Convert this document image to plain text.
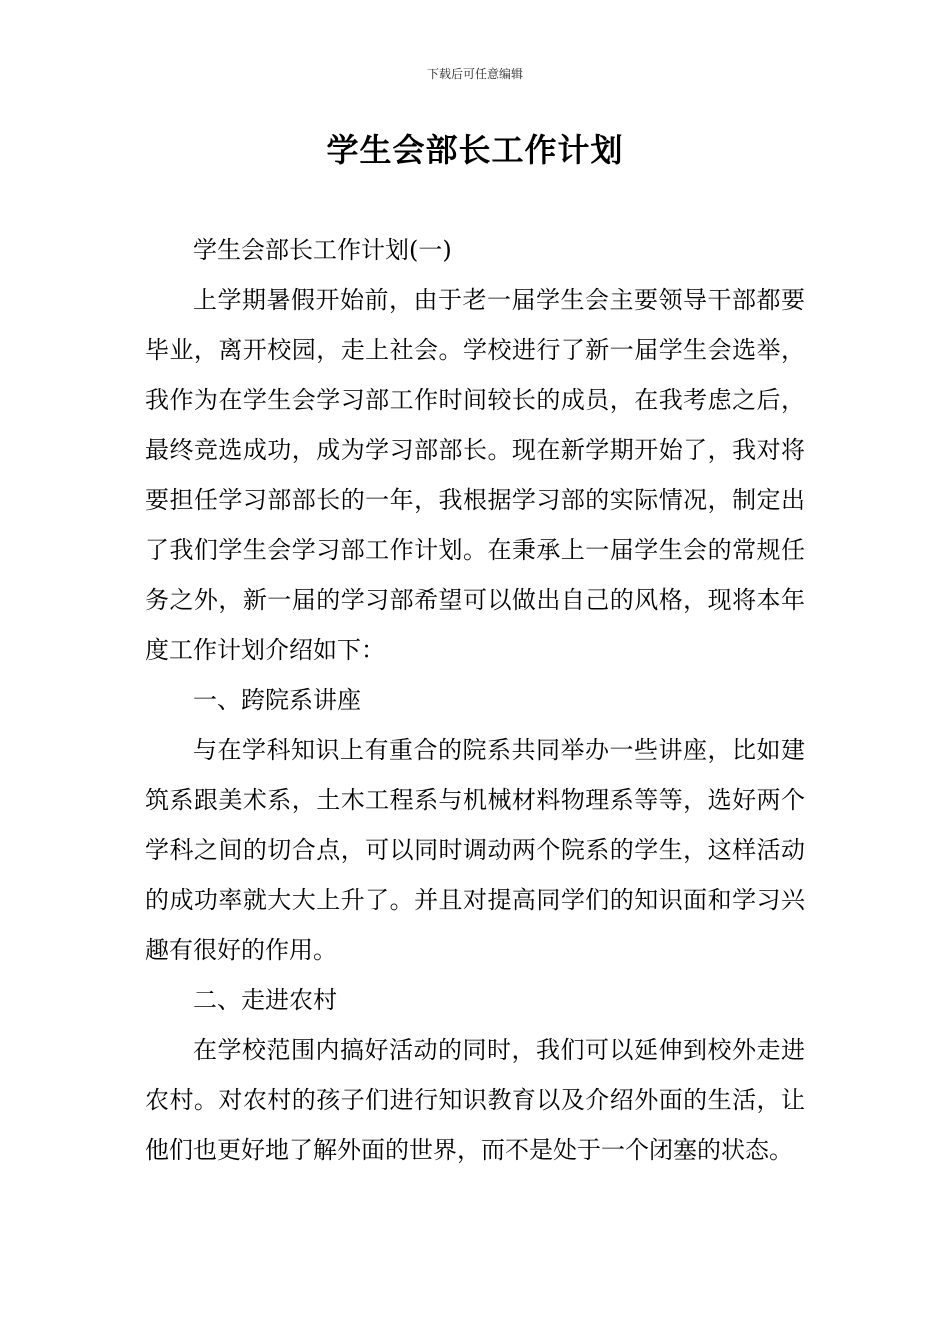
下载后可任意编辑
学生会部长工作计划

学生会部长工作计划(一)

上学期暑假开始前，由于老一届学生会主要领导干部都要毕业，离开校园，走上社会。学校进行了新一届学生会选举，我作为在学生会学习部工作时间较长的成员，在我考虑之后，最终竞选成功，成为学习部部长。现在新学期开始了，我对将要担任学习部部长的一年，我根据学习部的实际情况，制定出了我们学生会学习部工作计划。在秉承上一届学生会的常规任务之外，新一届的学习部希望可以做出自己的风格，现将本年度工作计划介绍如下：

一、跨院系讲座

与在学科知识上有重合的院系共同举办一些讲座，比如建筑系跟美术系，土木工程系与机械材料物理系等等，选好两个学科之间的切合点，可以同时调动两个院系的学生，这样活动的成功率就大大上升了。并且对提高同学们的知识面和学习兴趣有很好的作用。

二、走进农村

在学校范围内搞好活动的同时，我们可以延伸到校外走进农村。对农村的孩子们进行知识教育以及介绍外面的生活，让他们也更好地了解外面的世界，而不是处于一个闭塞的状态。
